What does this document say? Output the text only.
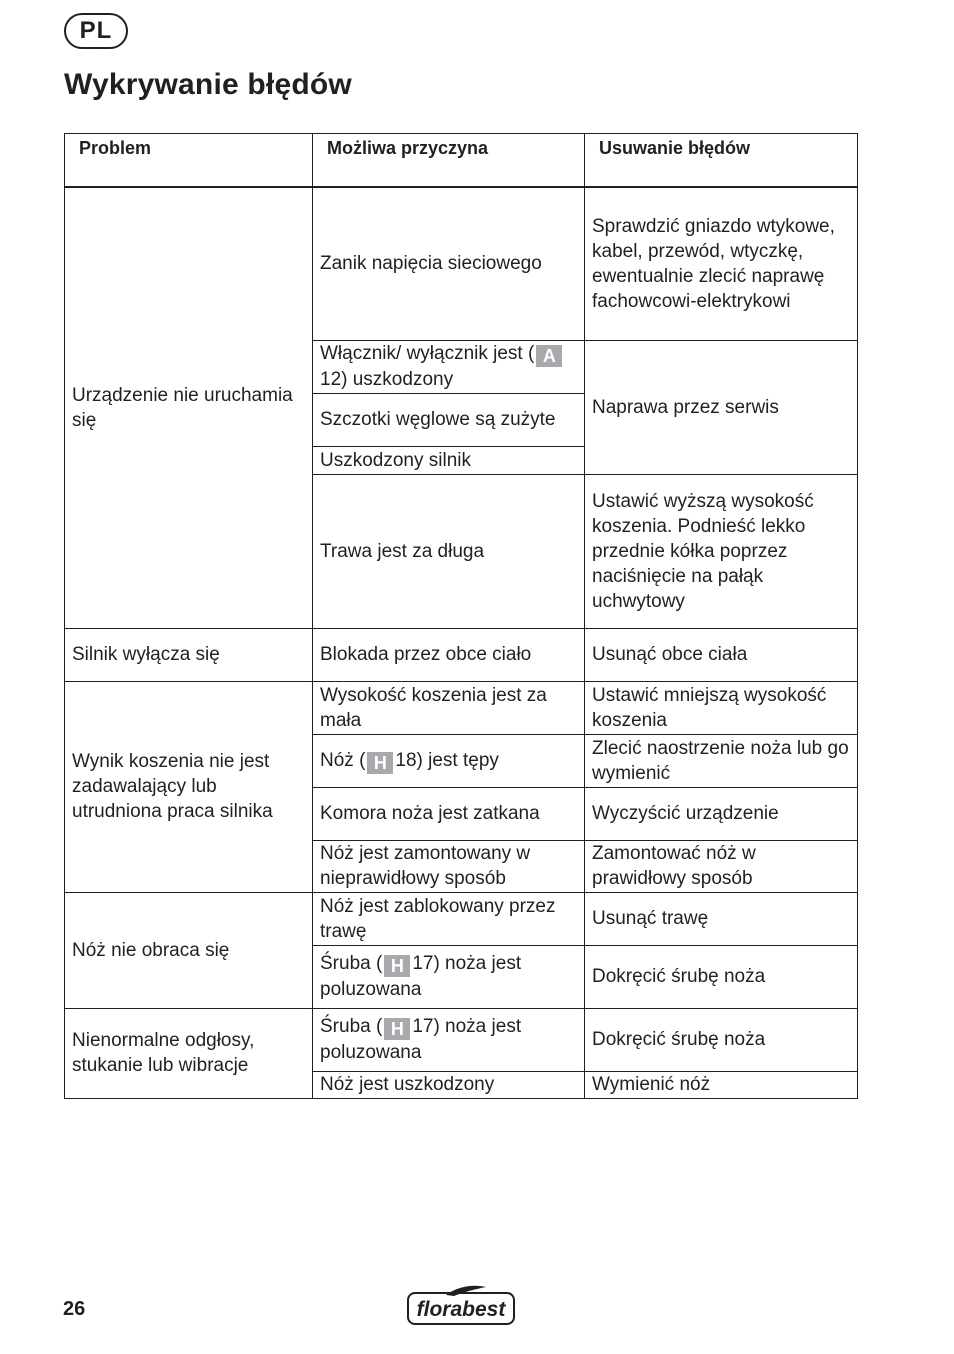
PL
Wykrywanie błędów
Problem	Możliwa przyczyna	Usuwanie błędów
Urządzenie nie uruchamia się	Zanik napięcia sieciowego	Sprawdzić gniazdo wtykowe, kabel, przewód, wtyczkę, ewentualnie zlecić naprawę fachowcowi-elektrykowi
	Włącznik/ wyłącznik jest ( A 12) uszkodzony	Naprawa przez serwis
	Szczotki węglowe są zużyte	
	Uszkodzony silnik	
	Trawa jest za długa	Ustawić wyższą wysokość koszenia. Podnieść lekko przednie kółka poprzez naciśnięcie na pałąk uchwytowy
Silnik wyłącza się	Blokada przez obce ciało	Usunąć obce ciała
Wynik koszenia nie jest zadawalający lub utrudniona praca silnika	Wysokość koszenia jest za mała	Ustawić mniejszą wysokość koszenia
	Nóż ( H 18) jest tępy	Zlecić naostrzenie noża lub go wymienić
	Komora noża jest zatkana	Wyczyścić urządzenie
	Nóż jest zamontowany w nieprawidłowy sposób	Zamontować nóż w prawidłowy sposób
Nóż nie obraca się	Nóż jest zablokowany przez trawę	Usunąć trawę
	Śruba ( H 17) noża jest poluzowana	Dokręcić śrubę noża
Nienormalne odgłosy, stukanie lub wibracje	Śruba ( H 17) noża jest poluzowana	Dokręcić śrubę noża
	Nóż jest uszkodzony	Wymienić nóż
26	florabest
